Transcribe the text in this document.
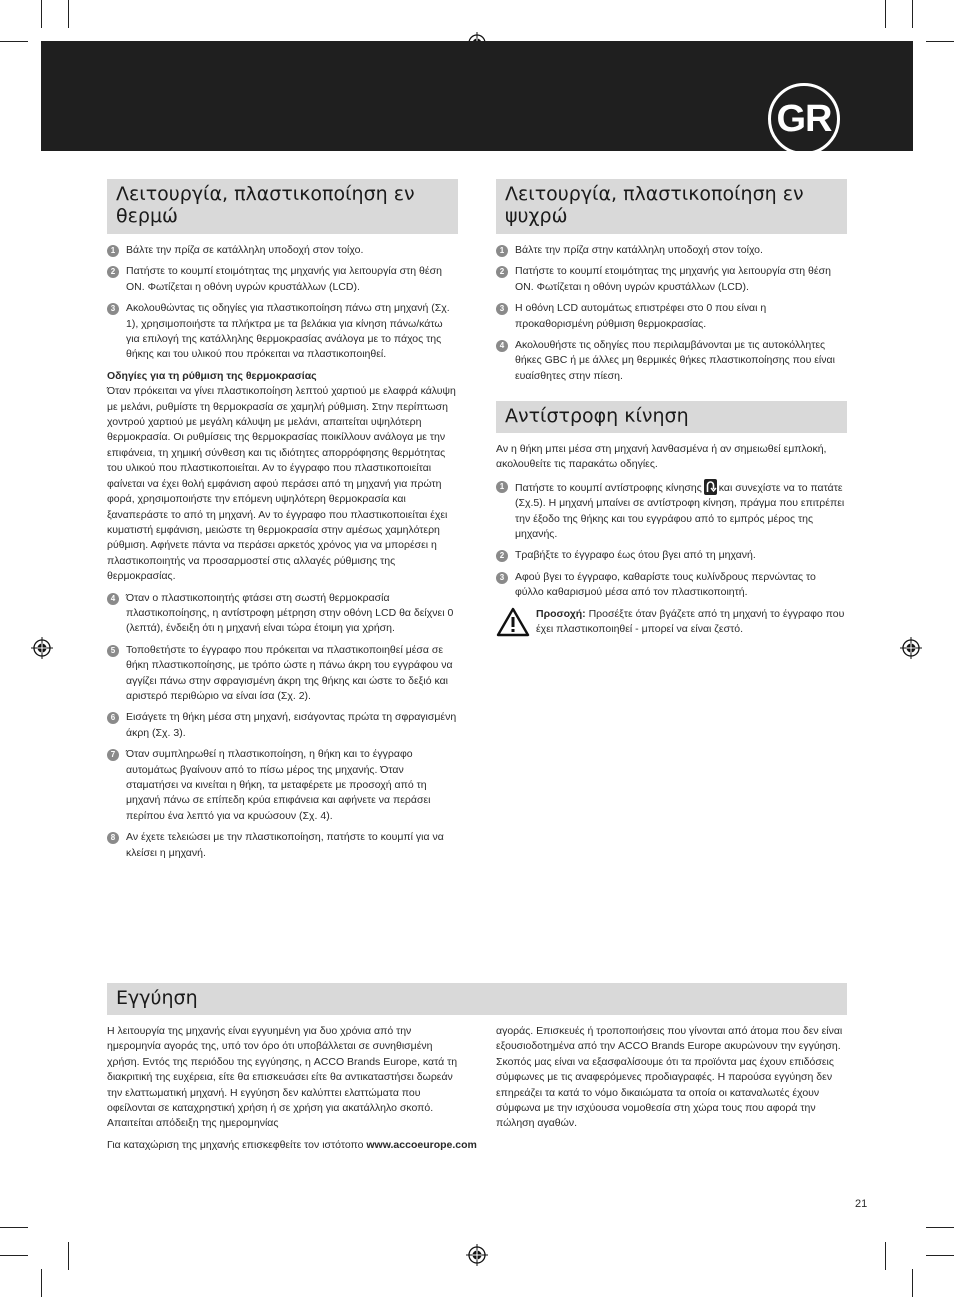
GR
Λειτουργία, πλαστικοποίηση εν θερμώ
1	Βάλτε την πρίζα σε κατάλληλη υποδοχή στον τοίχο.
2	Πατήστε το κουμπί ετοιμότητας της μηχανής για λειτουργία στη θέση ON. Φωτίζεται η οθόνη υγρών κρυστάλλων (LCD).
3	Ακολουθώντας τις οδηγίες για πλαστικοποίηση πάνω στη μηχανή (Σχ. 1), χρησιμοποιήστε τα πλήκτρα με τα βελάκια για κίνηση πάνω/κάτω για επιλογή της κατάλληλης θερμοκρασίας ανάλογα με το πάχος της θήκης και του υλικού που πρόκειται να πλαστικοποιηθεί.
Οδηγίες για τη ρύθμιση της θερμοκρασίας
Όταν πρόκειται να γίνει πλαστικοποίηση λεπτού χαρτιού με ελαφρά κάλυψη με μελάνι, ρυθμίστε τη θερμοκρασία σε χαμηλή ρύθμιση. Στην περίπτωση χοντρού χαρτιού με μεγάλη κάλυψη με μελάνι, απαιτείται υψηλότερη θερμοκρασία. Οι ρυθμίσεις της θερμοκρασίας ποικίλλουν ανάλογα με την επιφάνεια, τη χημική σύνθεση και τις ιδιότητες απορρόφησης θερμότητας του υλικού που πλαστικοποιείται. Αν το έγγραφο που πλαστικοποιείται φαίνεται να έχει θολή εμφάνιση αφού περάσει από τη μηχανή για πρώτη φορά, χρησιμοποιήστε την επόμενη υψηλότερη θερμοκρασία και ξαναπεράστε το από τη μηχανή. Αν το έγγραφο που πλαστικοποιείται έχει κυματιστή εμφάνιση, μειώστε τη θερμοκρασία στην αμέσως χαμηλότερη ρύθμιση. Αφήνετε πάντα να περάσει αρκετός χρόνος για να μπορέσει η πλαστικοποιητής να προσαρμοστεί στις αλλαγές ρύθμισης της θερμοκρασίας.
4	Όταν ο πλαστικοποιητής φτάσει στη σωστή θερμοκρασία πλαστικοποίησης, η αντίστροφη μέτρηση στην οθόνη LCD θα δείχνει 0 (λεπτά), ένδειξη ότι η μηχανή είναι τώρα έτοιμη για χρήση.
5	Τοποθετήστε το έγγραφο που πρόκειται να πλαστικοποιηθεί μέσα σε θήκη πλαστικοποίησης, με τρόπο ώστε η πάνω άκρη του εγγράφου να αγγίζει πάνω στην σφραγισμένη άκρη της θήκης και ώστε το δεξιό και αριστερό περιθώριο να είναι ίσα (Σχ. 2).
6	Εισάγετε τη θήκη μέσα στη μηχανή, εισάγοντας πρώτα τη σφραγισμένη άκρη (Σχ. 3).
7	Όταν συμπληρωθεί η πλαστικοποίηση, η θήκη και το έγγραφο αυτομάτως βγαίνουν από το πίσω μέρος της μηχανής. Όταν σταματήσει να κινείται η θήκη, τα μεταφέρετε με προσοχή από τη μηχανή πάνω σε επίπεδη κρύα επιφάνεια και αφήνετε να περάσει περίπου ένα λεπτό για να κρυώσουν (Σχ. 4).
8	Αν έχετε τελειώσει με την πλαστικοποίηση, πατήστε το κουμπί για να κλείσει η μηχανή.
Λειτουργία, πλαστικοποίηση εν ψυχρώ
1	Βάλτε την πρίζα στην κατάλληλη υποδοχή στον τοίχο.
2	Πατήστε το κουμπί ετοιμότητας της μηχανής για λειτουργία στη θέση ON. Φωτίζεται η οθόνη υγρών κρυστάλλων (LCD).
3	Η οθόνη LCD αυτομάτως επιστρέφει στο 0 που είναι η προκαθορισμένη ρύθμιση θερμοκρασίας.
4	Ακολουθήστε τις οδηγίες που περιλαμβάνονται με τις αυτοκόλλητες θήκες GBC ή με άλλες μη θερμικές θήκες πλαστικοποίησης που είναι ευαίσθητες στην πίεση.
Αντίστροφη κίνηση
Αν η θήκη μπει μέσα στη μηχανή λανθασμένα ή αν σημειωθεί εμπλοκή, ακολουθείτε τις παρακάτω οδηγίες.
1	Πατήστε το κουμπί αντίστροφης κίνησης και συνεχίστε να το πατάτε (Σχ.5). Η μηχανή μπαίνει σε αντίστροφη κίνηση, πράγμα που επιτρέπει την έξοδο της θήκης και του εγγράφου από το εμπρός μέρος της μηχανής.
2	Τραβήξτε το έγγραφο έως ότου βγει από τη μηχανή.
3	Αφού βγει το έγγραφο, καθαρίστε τους κυλίνδρους περνώντας το φύλλο καθαρισμού μέσα από τον πλαστικοποιητή.
Προσοχή: Προσέξτε όταν βγάζετε από τη μηχανή το έγγραφο που έχει πλαστικοποιηθεί - μπορεί να είναι ζεστό.
Εγγύηση
Η λειτουργία της μηχανής είναι εγγυημένη για δυο χρόνια από την ημερομηνία αγοράς της, υπό τον όρο ότι υποβάλλεται σε συνηθισμένη χρήση. Εντός της περιόδου της εγγύησης, η ACCO Brands Europe, κατά τη διακριτική της ευχέρεια, είτε θα επισκευάσει είτε θα αντικαταστήσει δωρεάν την ελαττωματική μηχανή. Η εγγύηση δεν καλύπτει ελαττώματα που οφείλονται σε καταχρηστική χρήση ή σε χρήση για ακατάλληλο σκοπό. Απαιτείται απόδειξη της ημερομηνίας
αγοράς. Επισκευές ή τροποποιήσεις που γίνονται από άτομα που δεν είναι εξουσιοδοτημένα από την ACCO Brands Europe ακυρώνουν την εγγύηση. Σκοπός μας είναι να εξασφαλίσουμε ότι τα προϊόντα μας έχουν επιδόσεις σύμφωνες με τις αναφερόμενες προδιαγραφές. Η παρούσα εγγύηση δεν επηρεάζει τα κατά το νόμο δικαιώματα τα οποία οι καταναλωτές έχουν σύμφωνα με την ισχύουσα νομοθεσία στη χώρα τους που αφορά την πώληση αγαθών.
Για καταχώριση της μηχανής επισκεφθείτε τον ιστότοπο www.accoeurope.com
21
